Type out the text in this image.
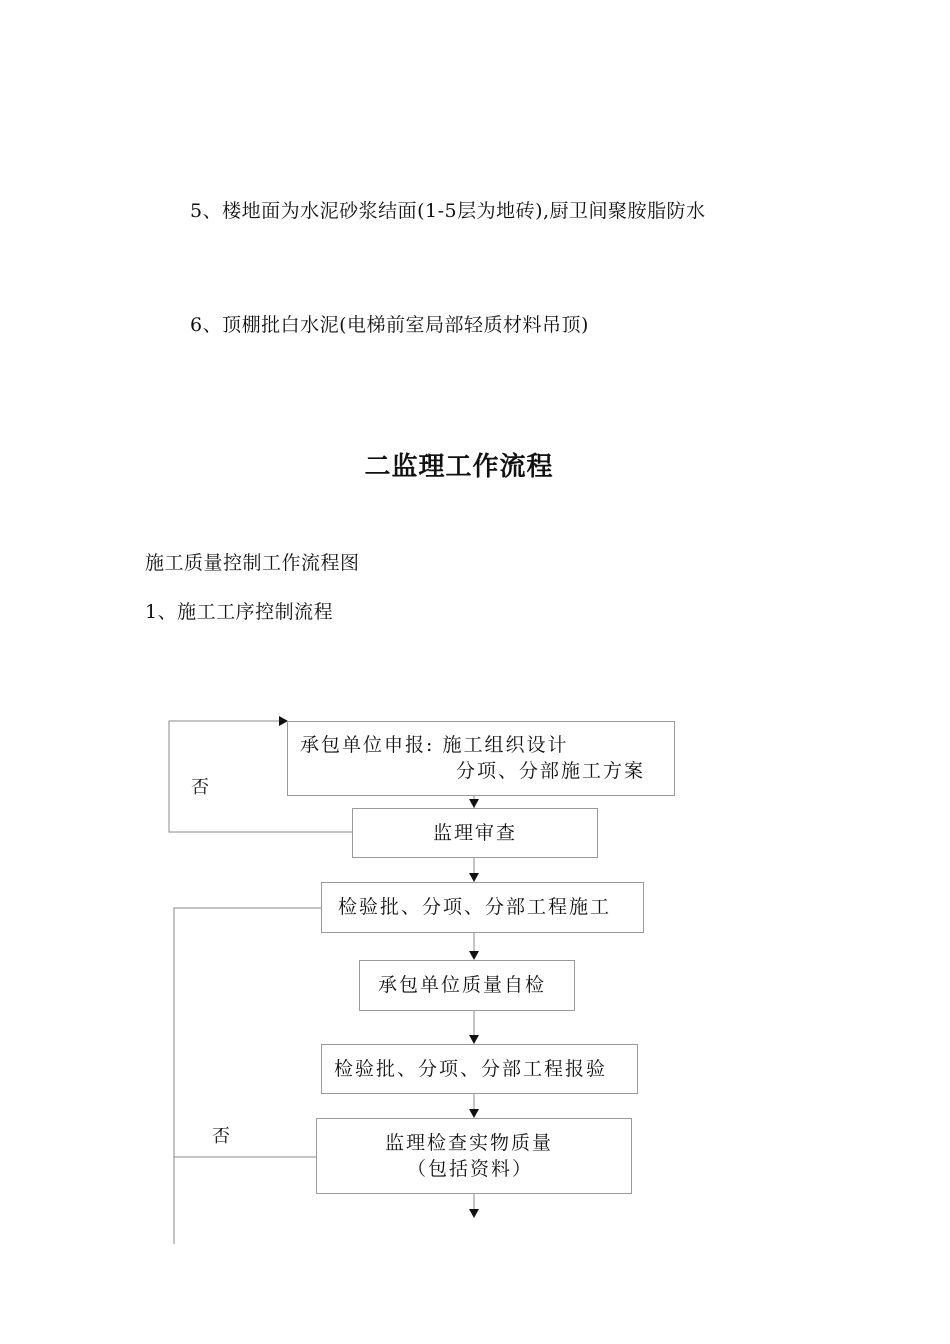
5、楼地面为水泥砂浆结面(1-5层为地砖),厨卫间聚胺脂防水
6、顶棚批白水泥(电梯前室局部轻质材料吊顶)
二监理工作流程
施工质量控制工作流程图
1、施工工序控制流程
承包单位申报: 施工组织设计
分项、分部施工方案
监理审查
检验批、分项、分部工程施工
承包单位质量自检
检验批、分项、分部工程报验
监理检查实物质量
（包括资料）
否
否
